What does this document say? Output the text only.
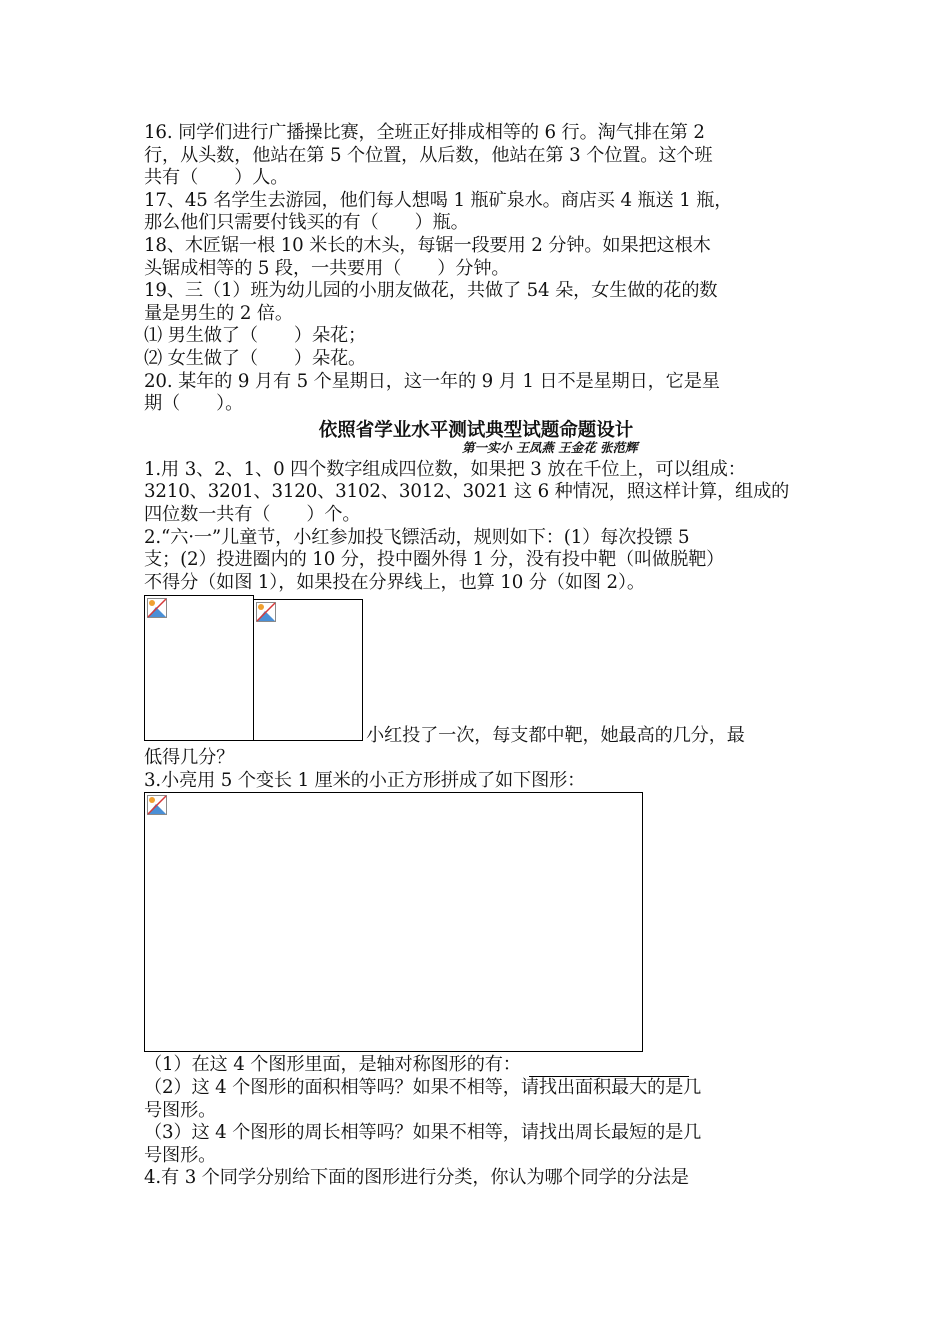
16. 同学们进行广播操比赛，全班正好排成相等的 6 行。淘气排在第 2

行，从头数，他站在第 5 个位置，从后数，他站在第 3 个位置。这个班

共有（　　）人。

17、45 名学生去游园，他们每人想喝 1 瓶矿泉水。商店买 4 瓶送 1 瓶，

那么他们只需要付钱买的有（　　）瓶。

18、木匠锯一根 10 米长的木头，每锯一段要用 2 分钟。如果把这根木

头锯成相等的 5 段，一共要用（　　）分钟。

19、三（1）班为幼儿园的小朋友做花，共做了 54 朵，女生做的花的数

量是男生的 2 倍。

⑴ 男生做了（　　）朵花；

⑵ 女生做了（　　）朵花。

20. 某年的 9 月有 5 个星期日，这一年的 9 月 1 日不是星期日，它是星

期（　　）。

依照省学业水平测试典型试题命题设计
第一实小 王凤燕 王金花 张范辉

1.用 3、2、1、0 四个数字组成四位数，如果把 3 放在千位上，可以组成：

3210、3201、3120、3102、3012、3021 这 6 种情况，照这样计算，组成的

四位数一共有（　　）个。

2.“六·一”儿童节，小红参加投飞镖活动，规则如下：(1）每次投镖 5

支；(2）投进圈内的 10 分，投中圈外得 1 分，没有投中靶（叫做脱靶）

不得分（如图 1），如果投在分界线上，也算 10 分（如图 2）。

小红投了一次，每支都中靶，她最高的几分，最

低得几分？

3.小亮用 5 个变长 1 厘米的小正方形拼成了如下图形：

（1）在这 4 个图形里面，是轴对称图形的有：

（2）这 4 个图形的面积相等吗？如果不相等，请找出面积最大的是几

号图形。

（3）这 4 个图形的周长相等吗？如果不相等，请找出周长最短的是几

号图形。

4.有 3 个同学分别给下面的图形进行分类，你认为哪个同学的分法是
